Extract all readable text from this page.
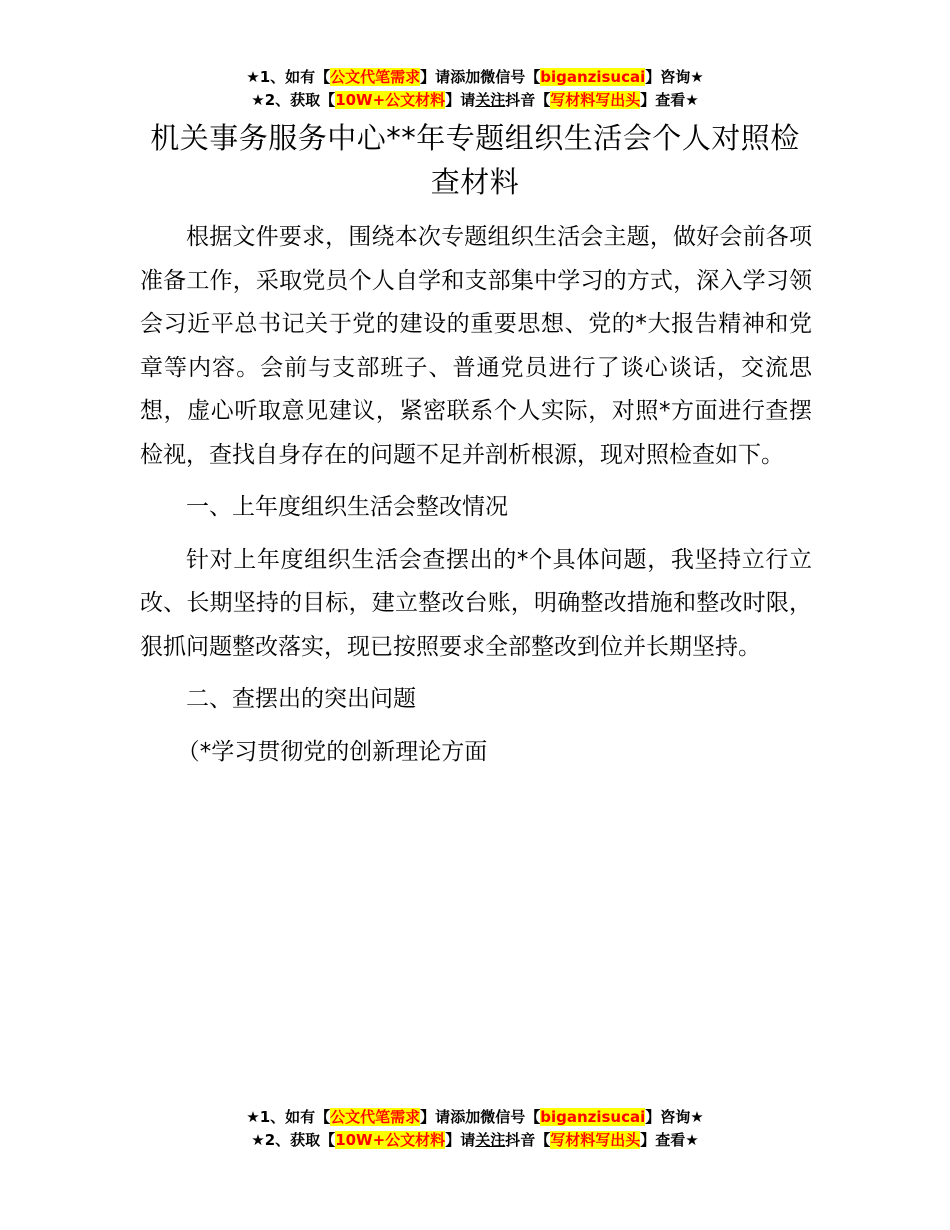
★1、如有【公文代笔需求】请添加微信号【biganzisucai】咨询★
★2、获取【10W+公文材料】请关注抖音【写材料写出头】查看★
机关事务服务中心**年专题组织生活会个人对照检查材料

根据文件要求，围绕本次专题组织生活会主题，做好会前各项准备工作，采取党员个人自学和支部集中学习的方式，深入学习领会习近平总书记关于党的建设的重要思想、党的*大报告精神和党章等内容。会前与支部班子、普通党员进行了谈心谈话，交流思想，虚心听取意见建议，紧密联系个人实际，对照*方面进行查摆检视，查找自身存在的问题不足并剖析根源，现对照检查如下。

一、上年度组织生活会整改情况

针对上年度组织生活会查摆出的*个具体问题，我坚持立行立改、长期坚持的目标，建立整改台账，明确整改措施和整改时限，狠抓问题整改落实，现已按照要求全部整改到位并长期坚持。

二、查摆出的突出问题

（*学习贯彻党的创新理论方面

★1、如有【公文代笔需求】请添加微信号【biganzisucai】咨询★
★2、获取【10W+公文材料】请关注抖音【写材料写出头】查看★
